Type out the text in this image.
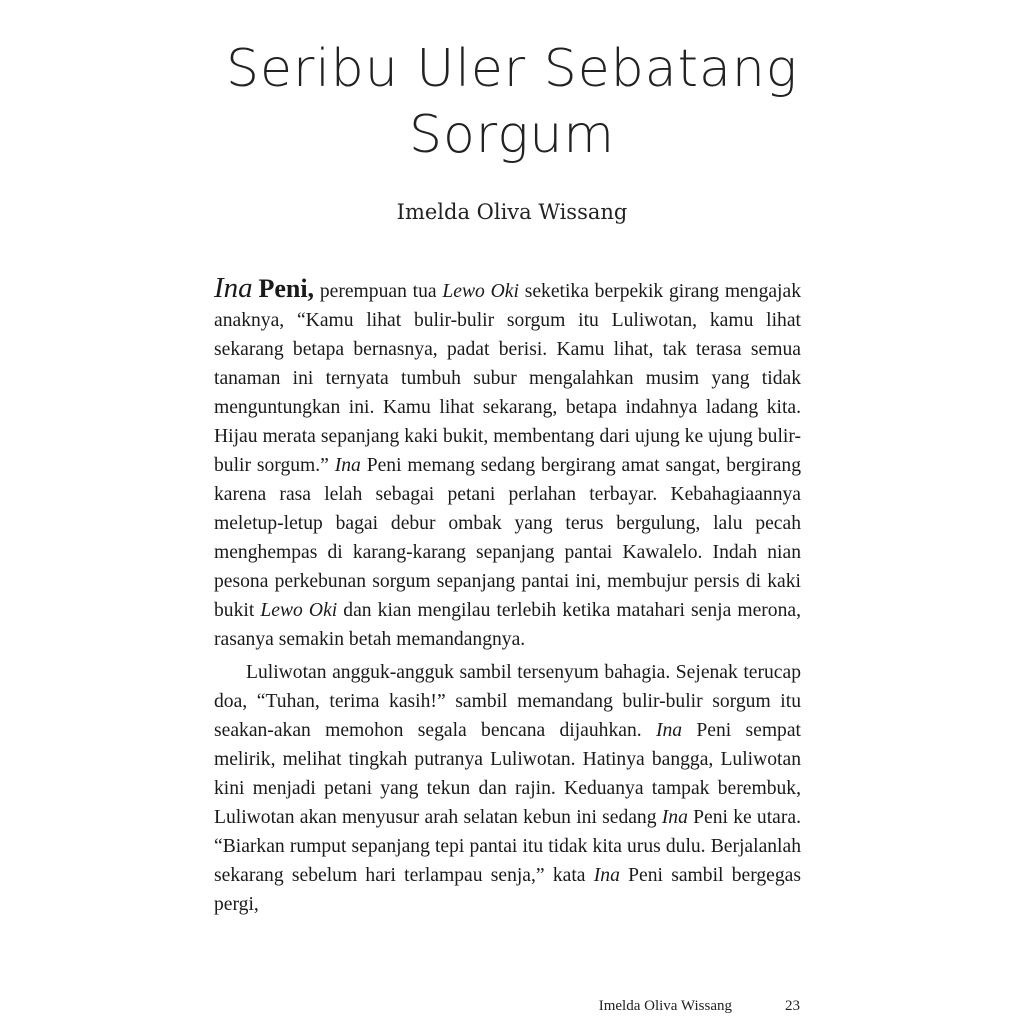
Seribu Uler Sebatang
Sorgum
Imelda Oliva Wissang

Ina Peni, perempuan tua Lewo Oki seketika berpekik girang mengajak anaknya, “Kamu lihat bulir-bulir sorgum itu Luliwotan, kamu lihat sekarang betapa bernasnya, padat berisi. Kamu lihat, tak terasa semua tanaman ini ternyata tumbuh subur mengalahkan musim yang tidak menguntungkan ini. Kamu lihat sekarang, betapa indahnya ladang kita. Hijau merata sepanjang kaki bukit, membentang dari ujung ke ujung bulir-bulir sorgum.” Ina Peni memang sedang bergirang amat sangat, bergirang karena rasa lelah sebagai petani perlahan terbayar. Kebahagiaannya meletup-letup bagai debur ombak yang terus bergulung, lalu pecah menghempas di karang-karang sepanjang pantai Kawalelo. Indah nian pesona perkebunan sorgum sepanjang pantai ini, membujur persis di kaki bukit Lewo Oki dan kian mengilau terlebih ketika matahari senja merona, rasanya semakin betah memandangnya.

Luliwotan angguk-angguk sambil tersenyum bahagia. Sejenak terucap doa, “Tuhan, terima kasih!” sambil memandang bulir-bulir sorgum itu seakan-akan memohon segala bencana dijauhkan. Ina Peni sempat melirik, melihat tingkah putranya Luliwotan. Hatinya bangga, Luliwotan kini menjadi petani yang tekun dan rajin. Keduanya tampak berembuk, Luliwotan akan menyusur arah selatan kebun ini sedang Ina Peni ke utara. “Biarkan rumput sepanjang tepi pantai itu tidak kita urus dulu. Berjalanlah sekarang sebelum hari terlampau senja,” kata Ina Peni sambil bergegas pergi,

Imelda Oliva Wissang	23
